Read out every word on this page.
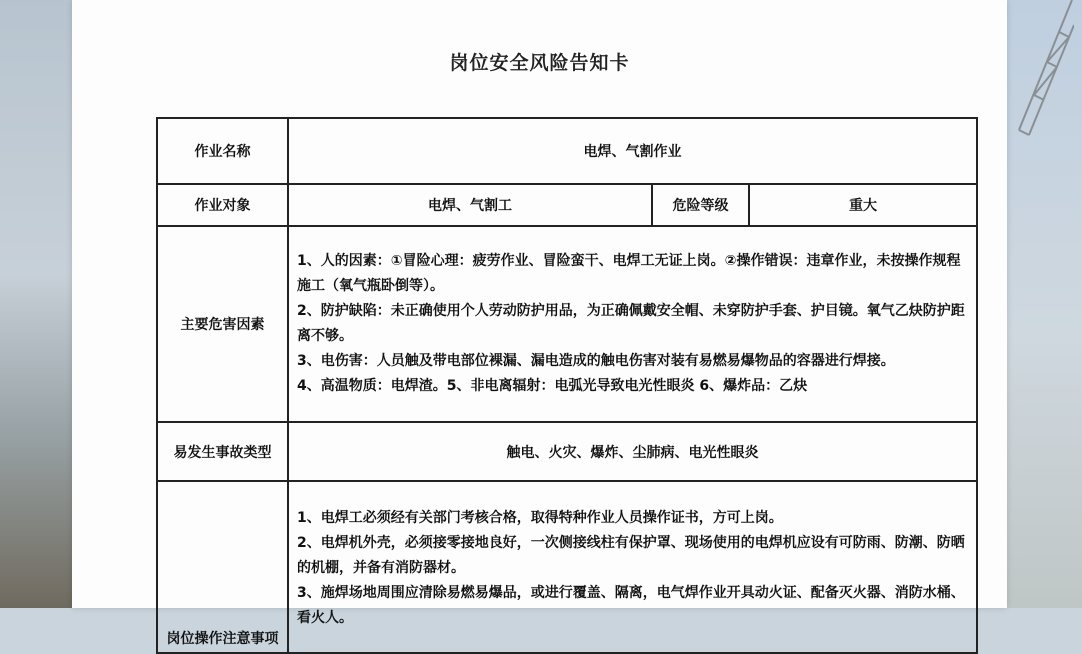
岗位安全风险告知卡
作业名称	电焊、气割作业		
作业对象	电焊、气割工	危险等级	重大
主要危害因素	1、人的因素：①冒险心理：疲劳作业、冒险蛮干、电焊工无证上岗。②操作错误：违章作业，未按操作规程施工（氧气瓶卧倒等）。

2、防护缺陷：未正确使用个人劳动防护用品，为正确佩戴安全帽、未穿防护手套、护目镜。氧气乙炔防护距离不够。

3、电伤害：人员触及带电部位裸漏、漏电造成的触电伤害对装有易燃易爆物品的容器进行焊接。

4、高温物质：电焊渣。5、非电离辐射：电弧光导致电光性眼炎 6、爆炸品：乙炔		

易发生事故类型	触电、火灾、爆炸、尘肺病、电光性眼炎		
岗位操作注意事项	1、电焊工必须经有关部门考核合格，取得特种作业人员操作证书，方可上岗。

2、电焊机外壳，必须接零接地良好，一次侧接线柱有保护罩、现场使用的电焊机应设有可防雨、防潮、防晒的机棚，并备有消防器材。

3、施焊场地周围应清除易燃易爆品，或进行覆盖、隔离，电气焊作业开具动火证、配备灭火器、消防水桶、看火人。		
